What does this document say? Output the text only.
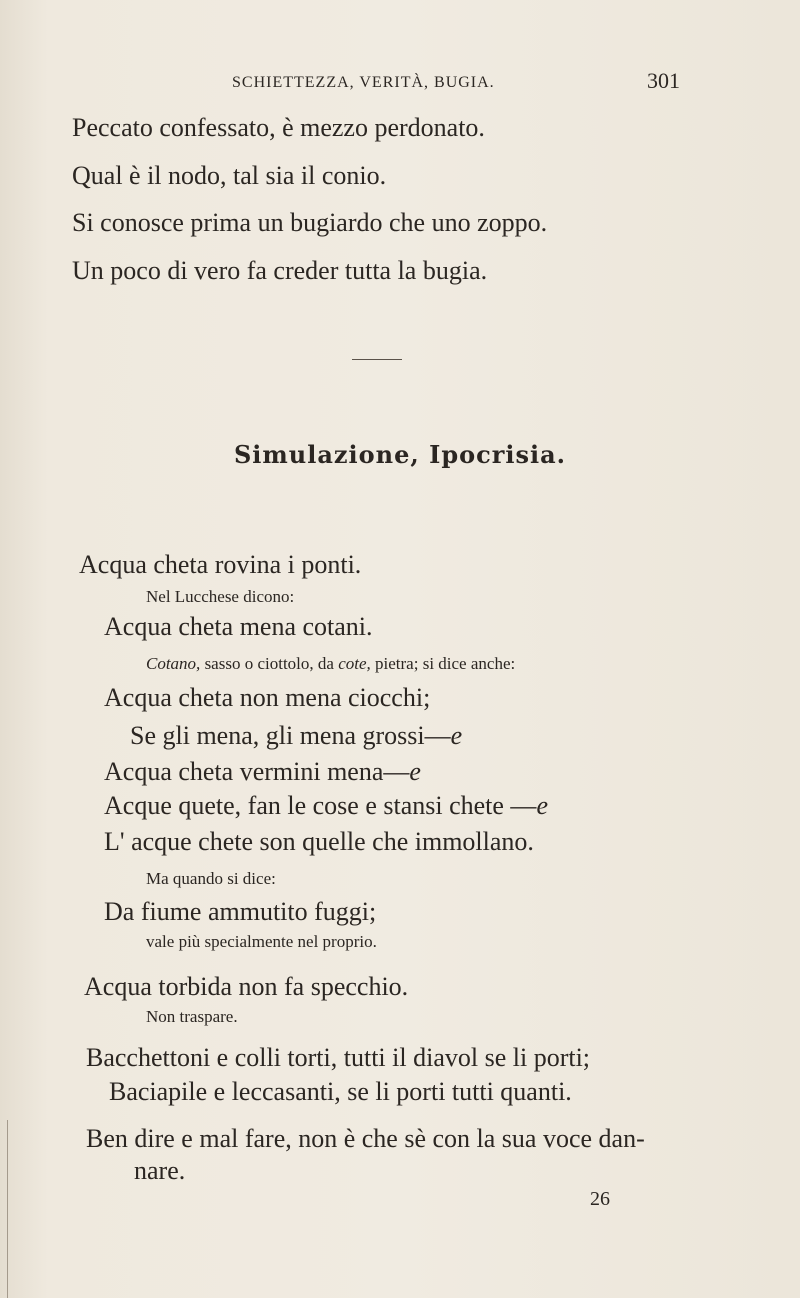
SCHIETTEZZA, VERITÀ, BUGIA.	301
Peccato confessato, è mezzo perdonato.
Qual è il nodo, tal sia il conio.
Si conosce prima un bugiardo che uno zoppo.
Un poco di vero fa creder tutta la bugia.
Simulazione, Ipocrisia.
Acqua cheta rovina i ponti.
Nel Lucchese dicono:
Acqua cheta mena cotani.
Cotano, sasso o ciottolo, da cote, pietra; si dice anche:
Acqua cheta non mena ciocchi;
Se gli mena, gli mena grossi—e
Acqua cheta vermini mena—e
Acque quete, fan le cose e stansi chete —e
L' acque chete son quelle che immollano.
Ma quando si dice:
Da fiume ammutito fuggi;
vale più specialmente nel proprio.
Acqua torbida non fa specchio.
Non traspare.
Bacchettoni e colli torti, tutti il diavol se li porti;
Baciapile e leccasanti, se li porti tutti quanti.
Ben dire e mal fare, non è che sè con la sua voce dan-
nare.
26
